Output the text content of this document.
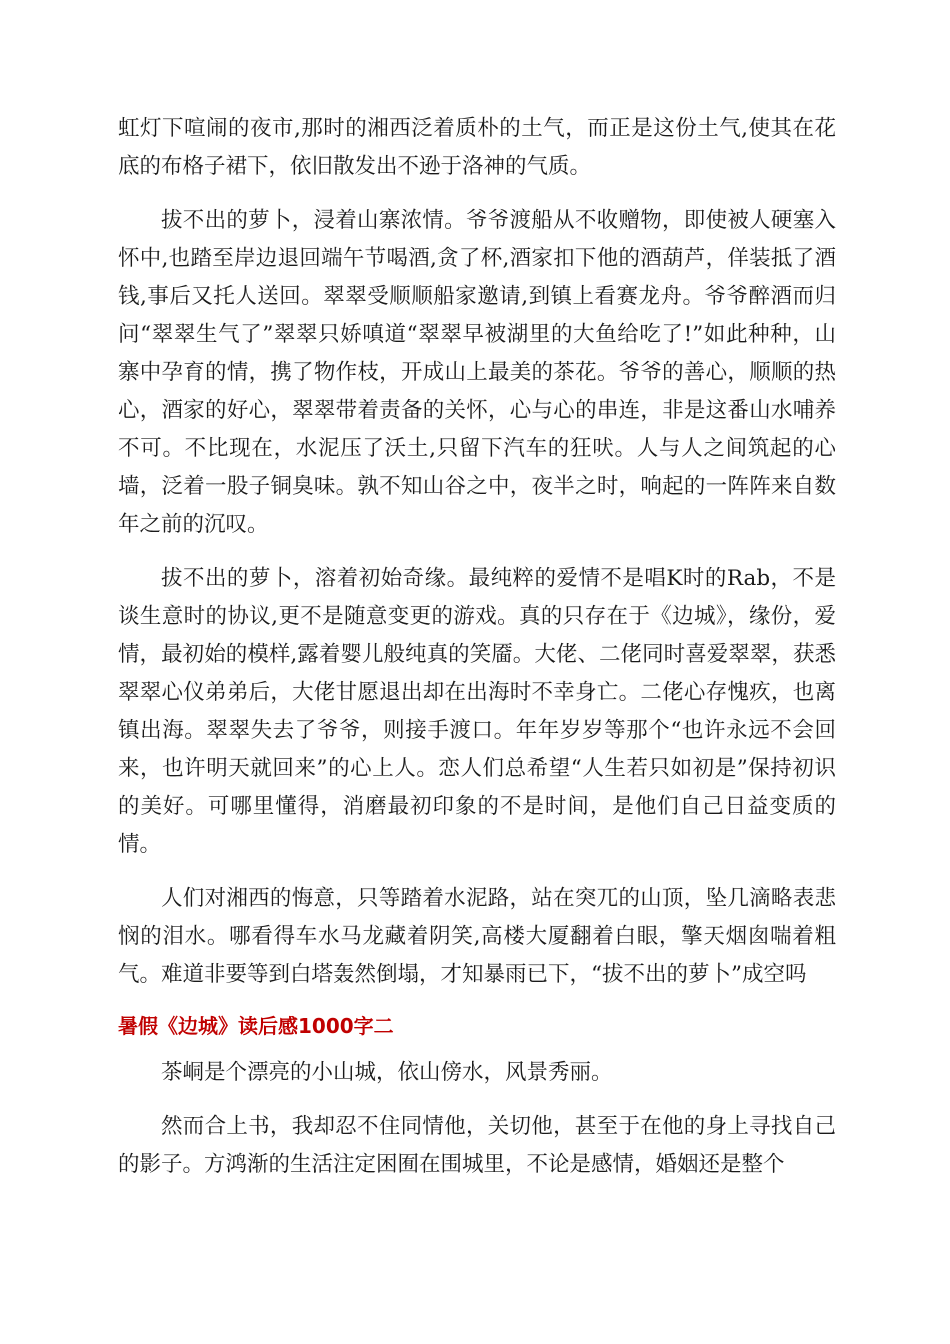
虹灯下喧闹的夜市,那时的湘西泛着质朴的土气，而正是这份土气,使其在花底的布格子裙下，依旧散发出不逊于洛神的气质。

拔不出的萝卜，浸着山寨浓情。爷爷渡船从不收赠物，即使被人硬塞入怀中,也踏至岸边退回端午节喝酒,贪了杯,酒家扣下他的酒葫芦，佯装抵了酒钱,事后又托人送回。翠翠受顺顺船家邀请,到镇上看赛龙舟。爷爷醉酒而归问“翠翠生气了”翠翠只娇嗔道“翠翠早被湖里的大鱼给吃了!”如此种种，山寨中孕育的情，携了物作枝，开成山上最美的茶花。爷爷的善心，顺顺的热心，酒家的好心，翠翠带着责备的关怀，心与心的串连，非是这番山水哺养不可。不比现在，水泥压了沃土,只留下汽车的狂吠。人与人之间筑起的心墙，泛着一股子铜臭味。孰不知山谷之中，夜半之时，响起的一阵阵来自数年之前的沉叹。

拔不出的萝卜，溶着初始奇缘。最纯粹的爱情不是唱K时的Rab，不是谈生意时的协议,更不是随意变更的游戏。真的只存在于《边城》，缘份，爱情，最初始的模样,露着婴儿般纯真的笑靥。大佬、二佬同时喜爱翠翠，获悉翠翠心仪弟弟后，大佬甘愿退出却在出海时不幸身亡。二佬心存愧疚，也离镇出海。翠翠失去了爷爷，则接手渡口。年年岁岁等那个“也许永远不会回来，也许明天就回来”的心上人。恋人们总希望“人生若只如初是”保持初识的美好。可哪里懂得，消磨最初印象的不是时间，是他们自己日益变质的情。

人们对湘西的悔意，只等踏着水泥路，站在突兀的山顶，坠几滴略表悲悯的泪水。哪看得车水马龙藏着阴笑,高楼大厦翻着白眼，擎天烟囱喘着粗气。难道非要等到白塔轰然倒塌，才知暴雨已下，“拔不出的萝卜”成空吗

暑假《边城》读后感1000字二

茶峒是个漂亮的小山城，依山傍水，风景秀丽。

然而合上书，我却忍不住同情他，关切他，甚至于在他的身上寻找自己的影子。方鸿渐的生活注定困囿在围城里，不论是感情，婚姻还是整个
